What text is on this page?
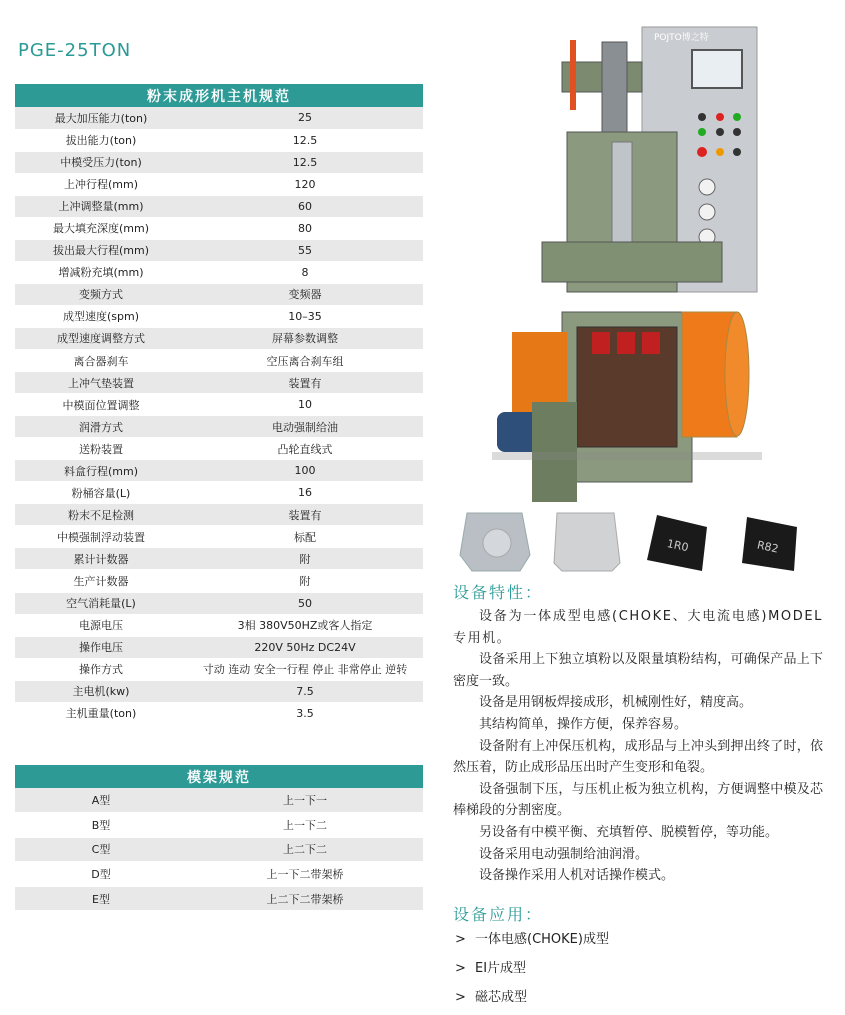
PGE-25TON
粉末成形机主机规范	
最大加压能力(ton)	25
拔出能力(ton)	12.5
中模受压力(ton)	12.5
上冲行程(mm)	120
上冲调整量(mm)	60
最大填充深度(mm)	80
拔出最大行程(mm)	55
增减粉充填(mm)	8
变频方式	变频器
成型速度(spm)	10–35
成型速度调整方式	屏幕参数调整
离合器刹车	空压离合刹车组
上冲气垫装置	装置有
中模面位置调整	10
润滑方式	电动强制给油
送粉装置	凸轮直线式
料盒行程(mm)	100
粉桶容量(L)	16
粉末不足检测	装置有
中模强制浮动装置	标配
累计计数器	附
生产计数器	附
空气消耗量(L)	50
电源电压	3相 380V50HZ或客人指定
操作电压	220V 50Hz DC24V
操作方式	寸动 连动 安全一行程 停止 非常停止 逆转
主电机(kw)	7.5
主机重量(ton)	3.5
模架规范	
A型	上一下一
B型	上一下二
C型	上二下二
D型	上一下二带架桥
E型	上二下二带架桥
POJTO博之特
1R0	R82
设备特性：

设备为一体成型电感(CHOKE、大电流电感)MODEL专用机。

设备采用上下独立填粉以及限量填粉结构，可确保产品上下密度一致。

设备是用钢板焊接成形，机械刚性好，精度高。

其结构简单，操作方便，保养容易。

设备附有上冲保压机构，成形品与上冲头到押出终了时，依然压着，防止成形品压出时产生变形和龟裂。

设备强制下压，与压机止板为独立机构，方便调整中模及芯棒梯段的分割密度。

另设备有中模平衡、充填暂停、脱模暂停，等功能。

设备采用电动强制给油润滑。

设备操作采用人机对话操作模式。

设备应用：
> 一体电感(CHOKE)成型
> EI片成型
> 磁芯成型
